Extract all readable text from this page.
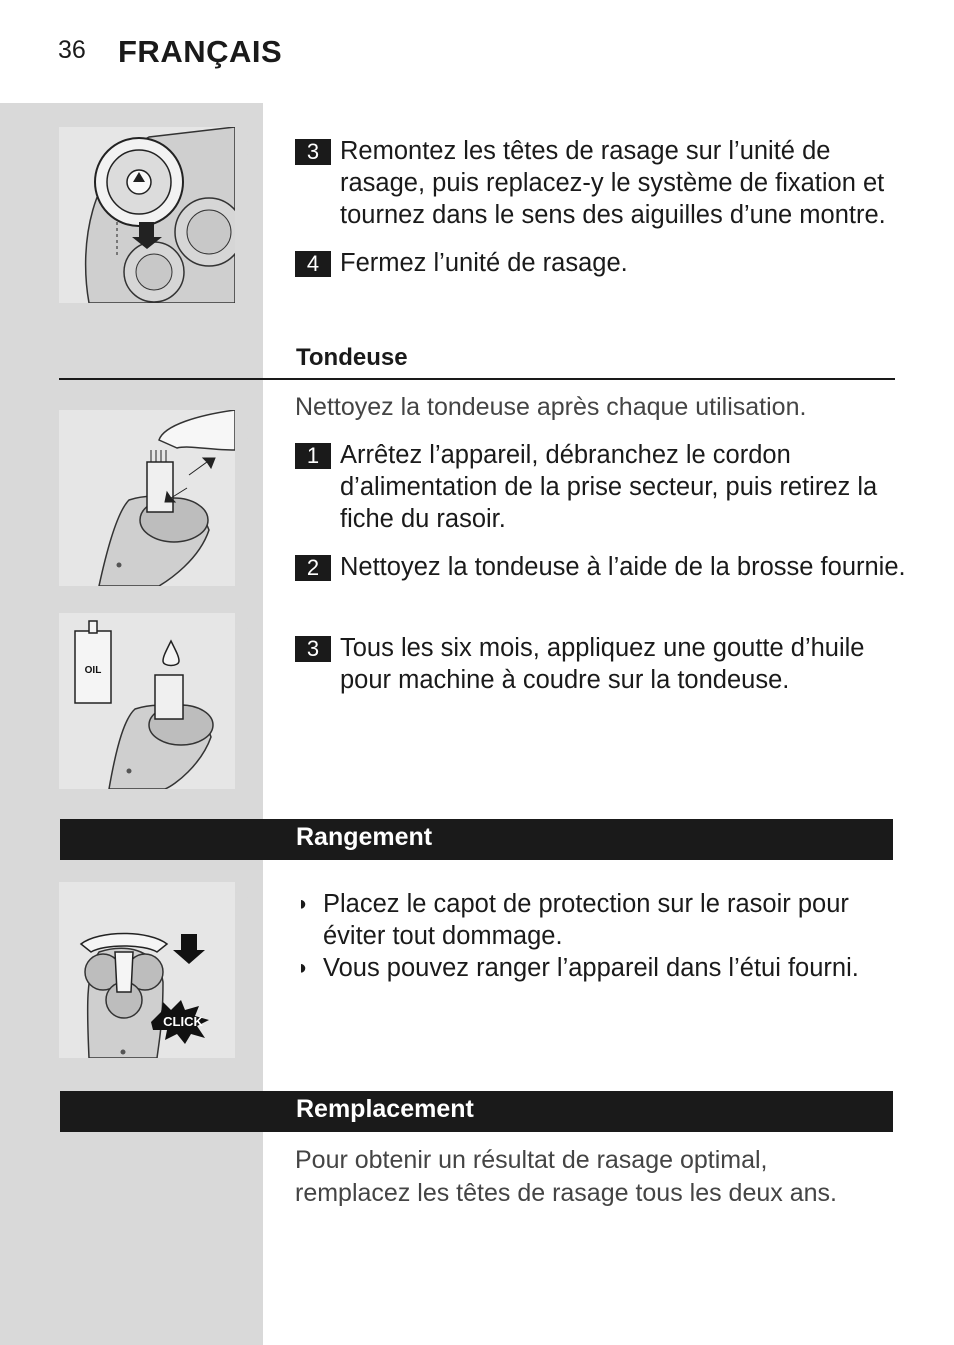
36 FRANÇAIS
3 Remontez les têtes de rasage sur l’unité de rasage, puis replacez-y le système de fixation et tournez dans le sens des aiguilles d’une montre.
4 Fermez l’unité de rasage.
Tondeuse
Nettoyez la tondeuse après chaque utilisation.
1 Arrêtez l’appareil, débranchez le cordon d’alimentation de la prise secteur, puis retirez la fiche du rasoir.
2 Nettoyez la tondeuse à l’aide de la brosse fournie.
OIL
3 Tous les six mois, appliquez une goutte d’huile pour machine à coudre sur la tondeuse.
Rangement
CLICK
◗ Placez le capot de protection sur le rasoir pour éviter tout dommage.
◗ Vous pouvez ranger l’appareil dans l’étui fourni.
Remplacement
Pour obtenir un résultat de rasage optimal, remplacez les têtes de rasage tous les deux ans.
